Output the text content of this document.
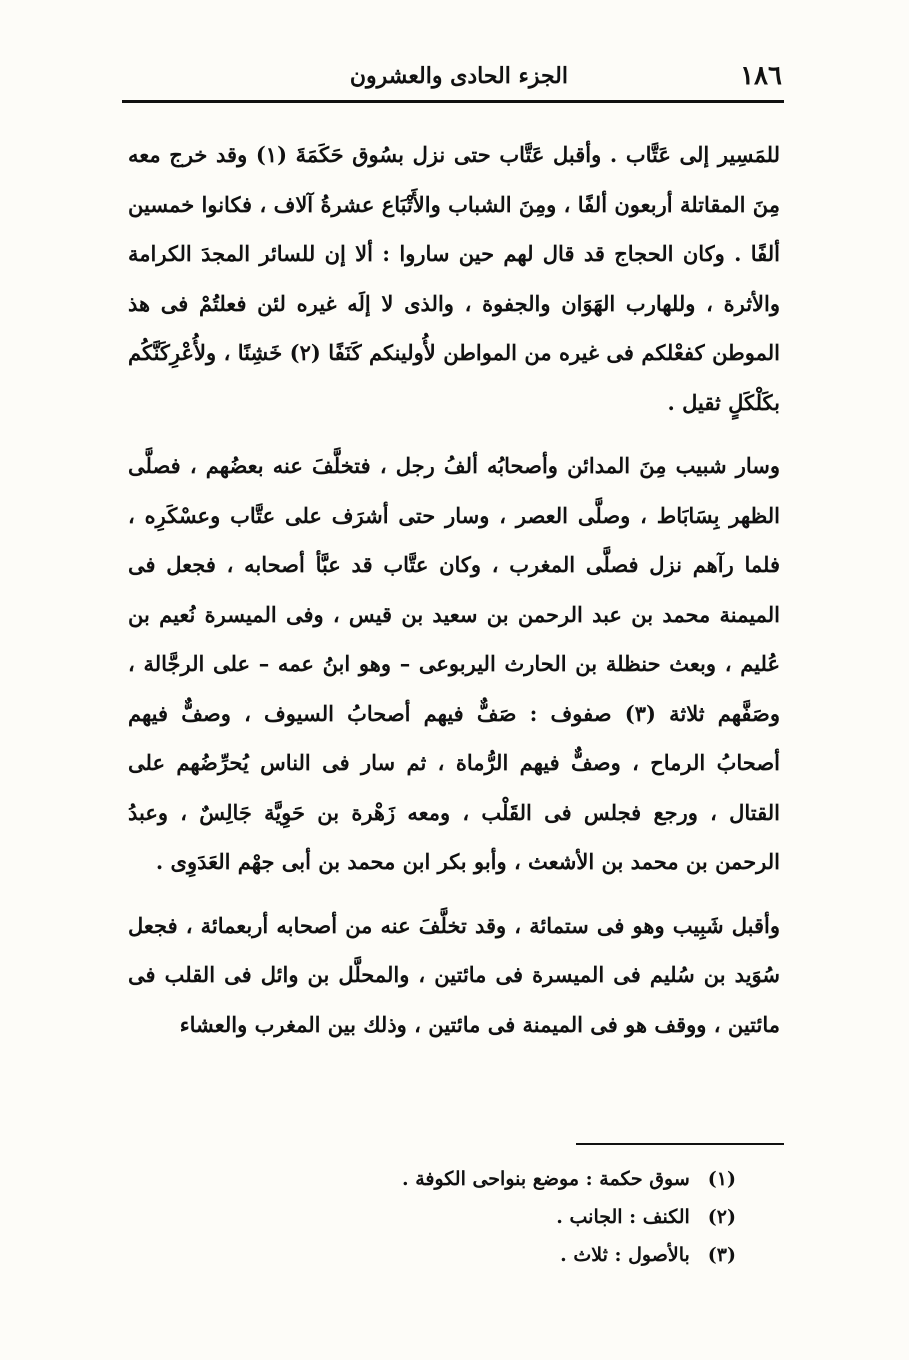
١٨٦
الجزء الحادى والعشرون

للمَسِير إلى عَتَّاب . وأقبل عَتَّاب حتى نزل بسُوق حَكَمَةَ (١) وقد خرج معه مِنَ المقاتلة أربعون ألفًا ، ومِنَ الشباب والأَتْبَاع عشرةُ آلاف ، فكانوا خمسين ألفًا . وكان الحجاج قد قال لهم حين ساروا : ألا إن للسائر المجدَ الكرامة والأثرة ، وللهارب الهَوَان والجفوة ، والذى لا إلَه غيره لئن فعلتُمْ فى هذ الموطن كفعْلكم فى غيره من المواطن لأُولينكم كَنَفًا (٢) خَشِنًا ، ولأُعْرِكَنَّكُم بكَلْكَلٍ ثقيل .

وسار شبيب مِنَ المدائن وأصحابُه ألفُ رجل ، فتخلَّفَ عنه بعضُهم ، فصلَّى الظهر بِسَابَاط ، وصلَّى العصر ، وسار حتى أشرَف على عتَّاب وعسْكَرِه ، فلما رآهم نزل فصلَّى المغرب ، وكان عتَّاب قد عبَّأ أصحابه ، فجعل فى الميمنة محمد بن عبد الرحمن بن سعيد بن قيس ، وفى الميسرة نُعيم بن عُليم ، وبعث حنظلة بن الحارث اليربوعى – وهو ابنُ عمه – على الرجَّالة ، وصَفَّهم ثلاثة (٣) صفوف : صَفٌّ فيهم أصحابُ السيوف ، وصفٌّ فيهم أصحابُ الرماح ، وصفٌّ فيهم الرُّماة ، ثم سار فى الناس يُحرِّضُهم على القتال ، ورجع فجلس فى القَلْب ، ومعه زَهْرة بن حَوِيَّة جَالِسٌ ، وعبدُ الرحمن بن محمد بن الأشعث ، وأبو بكر ابن محمد بن أبى جهْم العَدَوِى .

وأقبل شَبِيب وهو فى ستمائة ، وقد تخلَّفَ عنه من أصحابه أربعمائة ، فجعل سُوَيد بن سُليم فى الميسرة فى مائتين ، والمحلَّل بن وائل فى القلب فى مائتين ، ووقف هو فى الميمنة فى مائتين ، وذلك بين المغرب والعشاء

(١)سوق حكمة : موضع بنواحى الكوفة .
(٢)الكنف : الجانب .
(٣)بالأصول : ثلاث .
